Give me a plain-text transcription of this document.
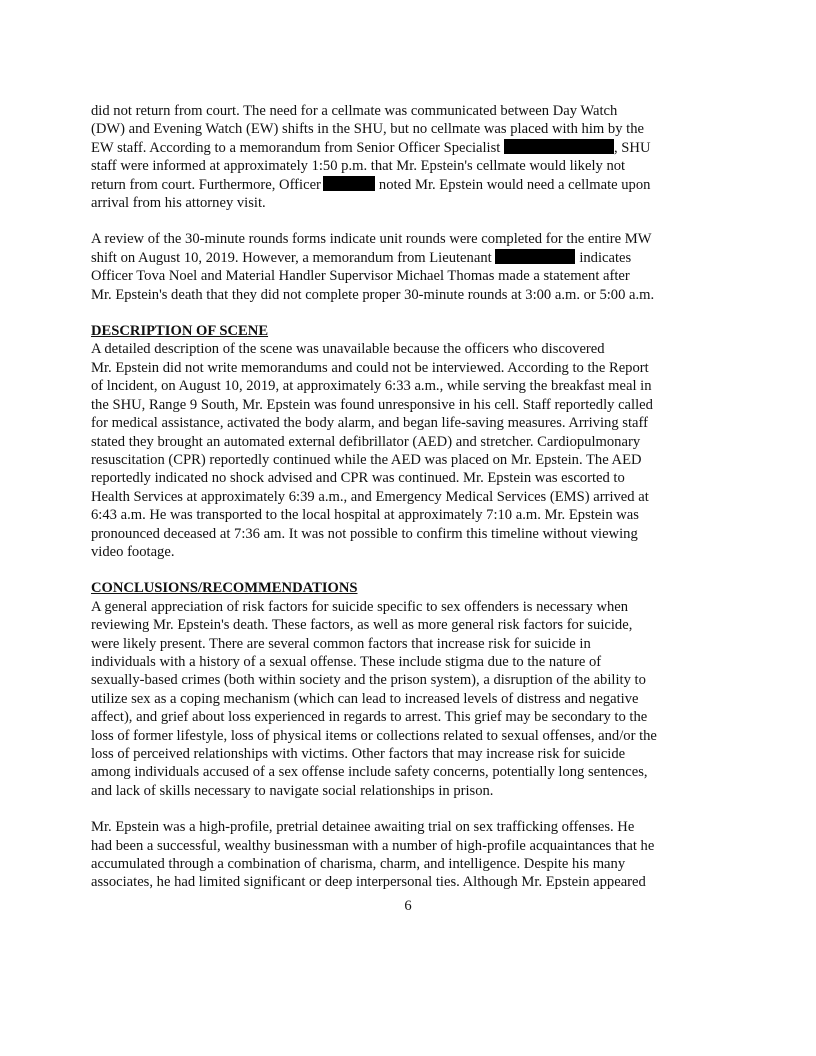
did not return from court. The need for a cellmate was communicated between Day Watch
(DW) and Evening Watch (EW) shifts in the SHU, but no cellmate was placed with him by the
EW staff. According to a memorandum from Senior Officer Specialist	, SHU
staff were informed at approximately 1:50 p.m. that Mr. Epstein's cellmate would likely not
return from court. Furthermore, Officer	noted Mr. Epstein would need a cellmate upon
arrival from his attorney visit.
A review of the 30-minute rounds forms indicate unit rounds were completed for the entire MW
shift on August 10, 2019. However, a memorandum from Lieutenant	indicates
Officer Tova Noel and Material Handler Supervisor Michael Thomas made a statement after
Mr. Epstein's death that they did not complete proper 30-minute rounds at 3:00 a.m. or 5:00 a.m.
DESCRIPTION OF SCENE
A detailed description of the scene was unavailable because the officers who discovered
Mr. Epstein did not write memorandums and could not be interviewed. According to the Report
of lncident, on August 10, 2019, at approximately 6:33 a.m., while serving the breakfast meal in
the SHU, Range 9 South, Mr. Epstein was found unresponsive in his cell. Staff reportedly called
for medical assistance, activated the body alarm, and began life-saving measures. Arriving staff
stated they brought an automated external defibrillator (AED) and stretcher. Cardiopulmonary
resuscitation (CPR) reportedly continued while the AED was placed on Mr. Epstein. The AED
reportedly indicated no shock advised and CPR was continued. Mr. Epstein was escorted to
Health Services at approximately 6:39 a.m., and Emergency Medical Services (EMS) arrived at
6:43 a.m. He was transported to the local hospital at approximately 7:10 a.m. Mr. Epstein was
pronounced deceased at 7:36 am. It was not possible to confirm this timeline without viewing
video footage.
CONCLUSIONS/RECOMMENDATIONS
A general appreciation of risk factors for suicide specific to sex offenders is necessary when
reviewing Mr. Epstein's death. These factors, as well as more general risk factors for suicide,
were likely present. There are several common factors that increase risk for suicide in
individuals with a history of a sexual offense. These include stigma due to the nature of
sexually-based crimes (both within society and the prison system), a disruption of the ability to
utilize sex as a coping mechanism (which can lead to increased levels of distress and negative
affect), and grief about loss experienced in regards to arrest. This grief may be secondary to the
loss of former lifestyle, loss of physical items or collections related to sexual offenses, and/or the
loss of perceived relationships with victims. Other factors that may increase risk for suicide
among individuals accused of a sex offense include safety concerns, potentially long sentences,
and lack of skills necessary to navigate social relationships in prison.
Mr. Epstein was a high-profile, pretrial detainee awaiting trial on sex trafficking offenses. He
had been a successful, wealthy businessman with a number of high-profile acquaintances that he
accumulated through a combination of charisma, charm, and intelligence. Despite his many
associates, he had limited significant or deep interpersonal ties. Although Mr. Epstein appeared
6
